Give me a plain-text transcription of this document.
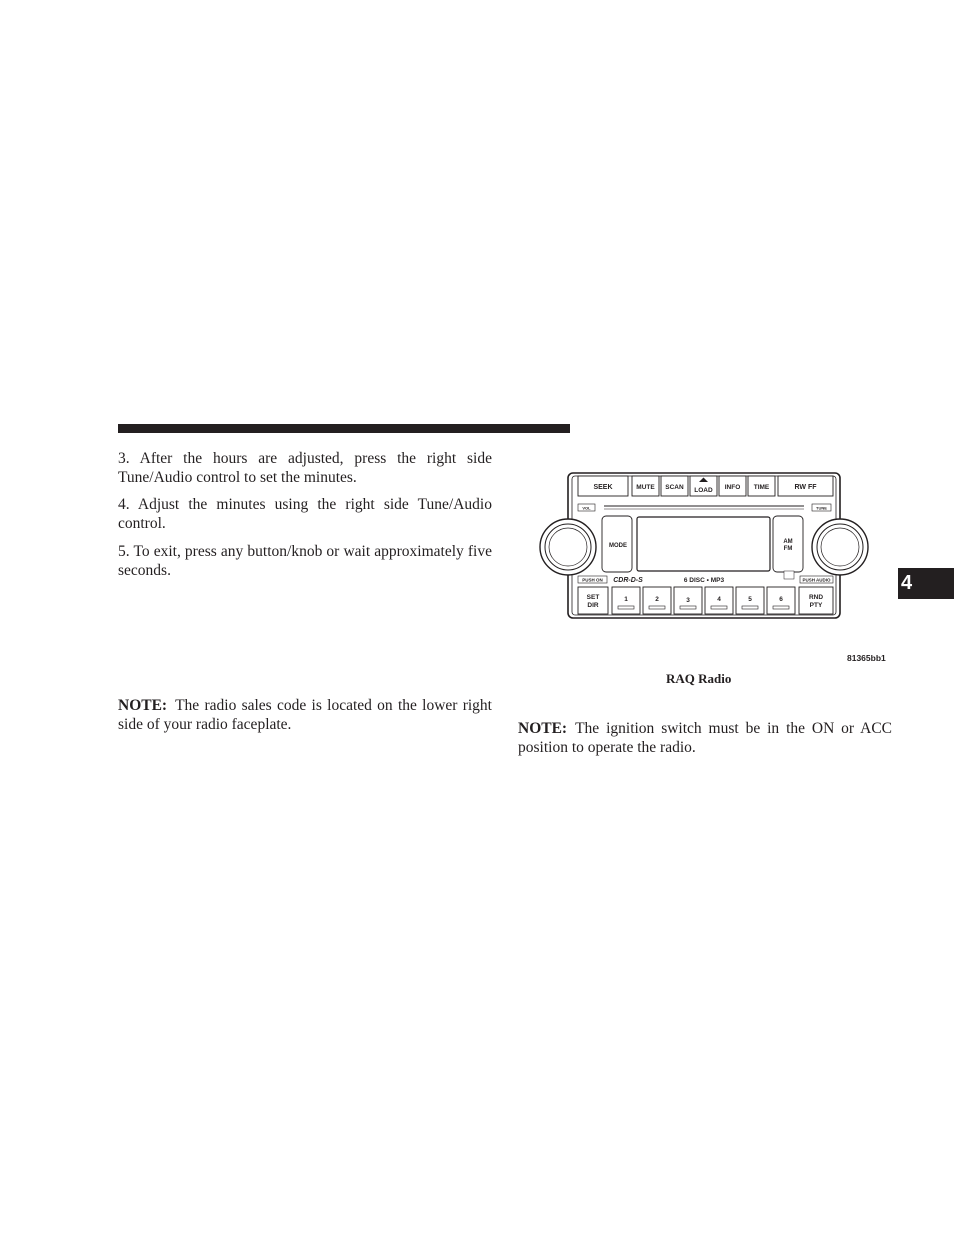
3. After the hours are adjusted, press the right side Tune/Audio control to set the minutes.

4. Adjust the minutes using the right side Tune/Audio control.

5. To exit, press any button/knob or wait approximately five seconds.

NOTE: The radio sales code is located on the lower right side of your radio faceplate.	NOTE: The ignition switch must be in the ON or ACC position to operate the radio.

4
SEEK	MUTE SCAN LOAD INFO TIME	RW FF
VOL	TUNE
MODE
AM
FM
PUSH ON CDR-D-S	6 DISC • MP3	PUSH AUDIO
SET
DIR
1	2	3	4	5	6	RND
PTY
81365bb1
RAQ Radio
